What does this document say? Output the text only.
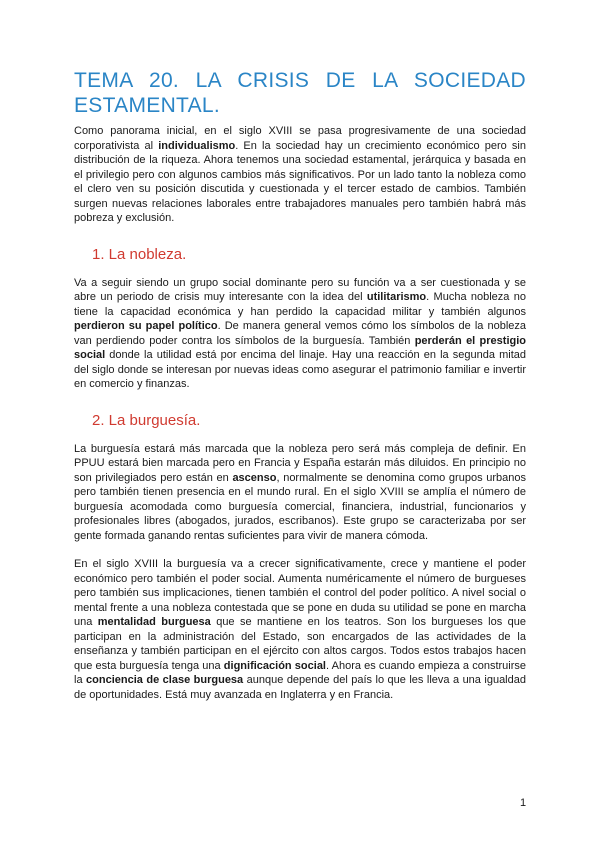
TEMA 20. LA CRISIS DE LA SOCIEDAD ESTAMENTAL.

Como panorama inicial, en el siglo XVIII se pasa progresivamente de una sociedad corporativista al individualismo. En la sociedad hay un crecimiento económico pero sin distribución de la riqueza. Ahora tenemos una sociedad estamental, jerárquica y basada en el privilegio pero con algunos cambios más significativos. Por un lado tanto la nobleza como el clero ven su posición discutida y cuestionada y el tercer estado de cambios. También surgen nuevas relaciones laborales entre trabajadores manuales pero también habrá más pobreza y exclusión.

1. La nobleza.

Va a seguir siendo un grupo social dominante pero su función va a ser cuestionada y se abre un periodo de crisis muy interesante con la idea del utilitarismo. Mucha nobleza no tiene la capacidad económica y han perdido la capacidad militar y también algunos perdieron su papel político. De manera general vemos cómo los símbolos de la nobleza van perdiendo poder contra los símbolos de la burguesía. También perderán el prestigio social donde la utilidad está por encima del linaje. Hay una reacción en la segunda mitad del siglo donde se interesan por nuevas ideas como asegurar el patrimonio familiar e invertir en comercio y finanzas.

2. La burguesía.

La burguesía estará más marcada que la nobleza pero será más compleja de definir. En PPUU estará bien marcada pero en Francia y España estarán más diluidos. En principio no son privilegiados pero están en ascenso, normalmente se denomina como grupos urbanos pero también tienen presencia en el mundo rural. En el siglo XVIII se amplía el número de burguesía acomodada como burguesía comercial, financiera, industrial, funcionarios y profesionales libres (abogados, jurados, escribanos). Este grupo se caracterizaba por ser gente formada ganando rentas suficientes para vivir de manera cómoda.

En el siglo XVIII la burguesía va a crecer significativamente, crece y mantiene el poder económico pero también el poder social. Aumenta numéricamente el número de burgueses pero también sus implicaciones, tienen también el control del poder político. A nivel social o mental frente a una nobleza contestada que se pone en duda su utilidad se pone en marcha una mentalidad burguesa que se mantiene en los teatros. Son los burgueses los que participan en la administración del Estado, son encargados de las actividades de la enseñanza y también participan en el ejército con altos cargos. Todos estos trabajos hacen que esta burguesía tenga una dignificación social. Ahora es cuando empieza a construirse la conciencia de clase burguesa aunque depende del país lo que les lleva a una igualdad de oportunidades. Está muy avanzada en Inglaterra y en Francia.

1
